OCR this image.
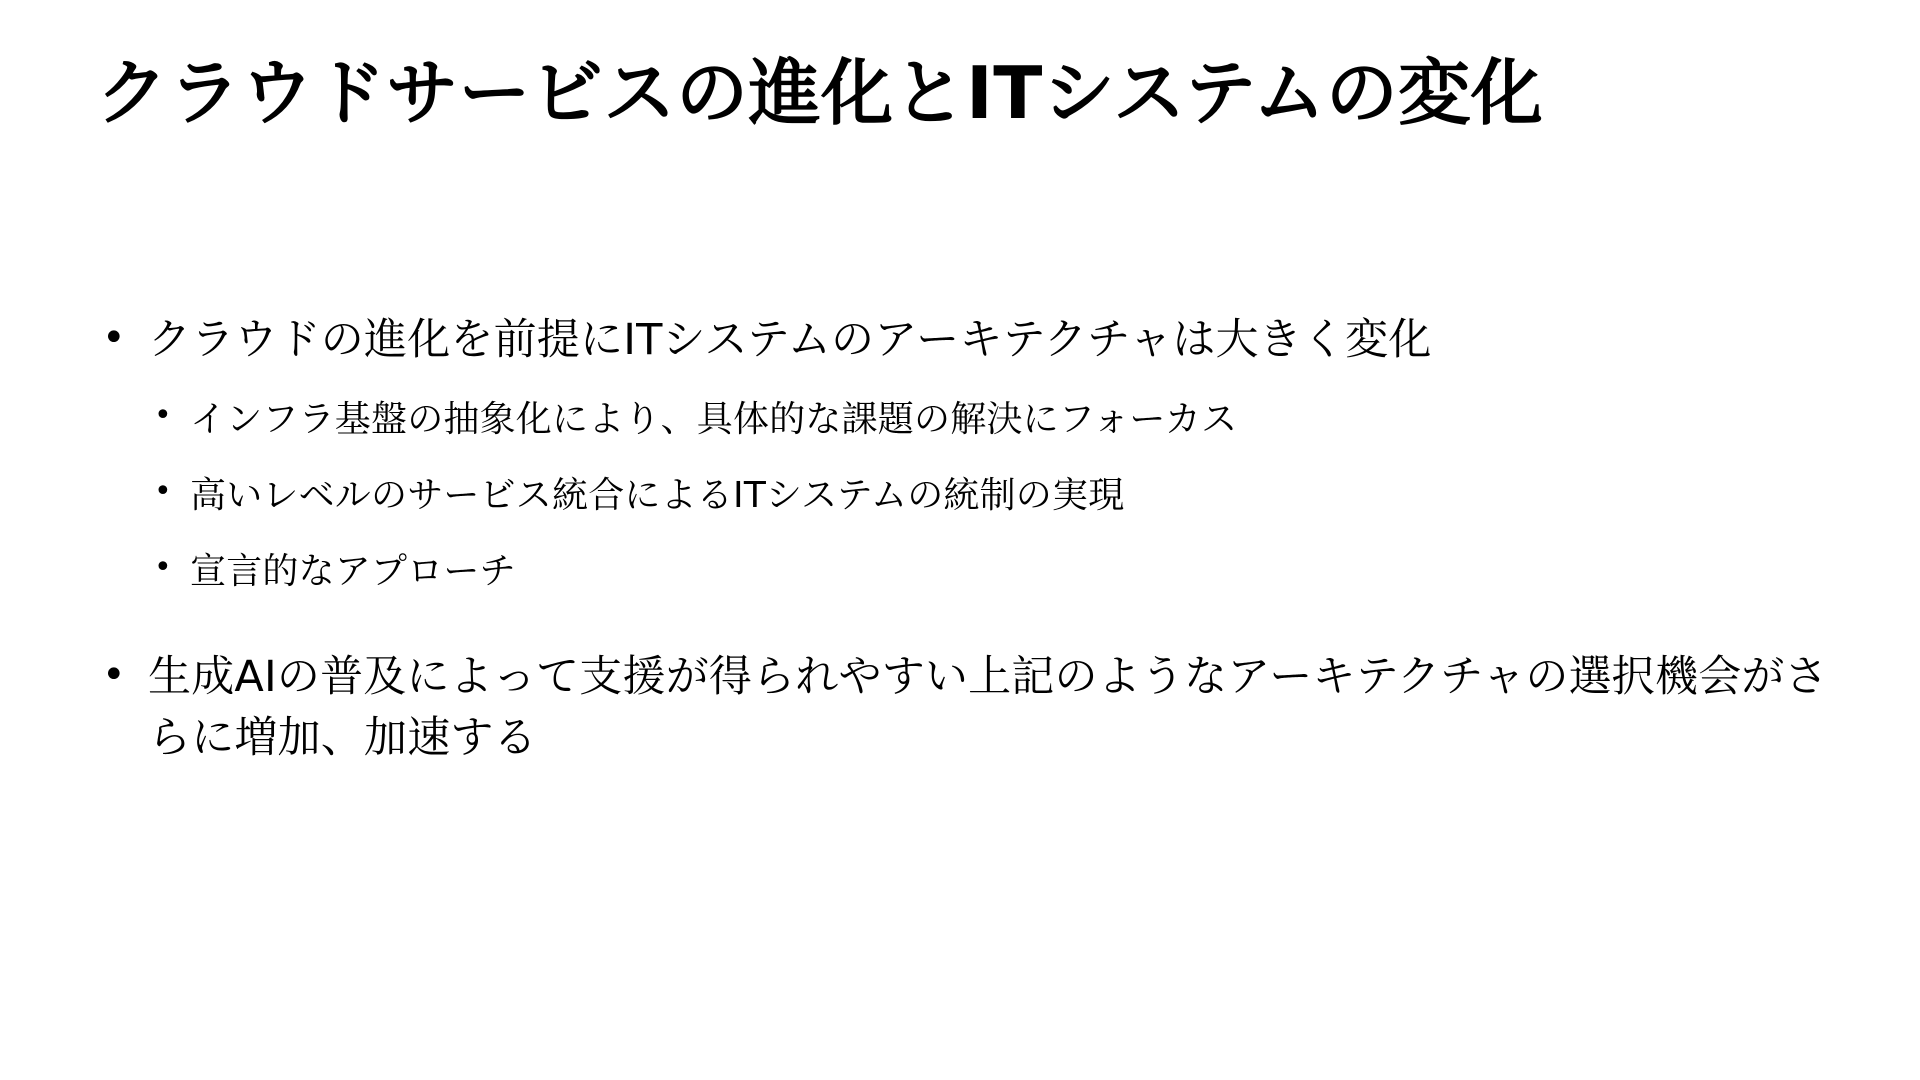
クラウドサービスの進化とITシステムの変化
• クラウドの進化を前提にITシステムのアーキテクチャは大きく変化
• インフラ基盤の抽象化により、具体的な課題の解決にフォーカス
• 高いレベルのサービス統合によるITシステムの統制の実現
• 宣言的なアプローチ
• 生成AIの普及によって支援が得られやすい上記のようなアーキテクチャの選択機会がさらに増加、加速する
